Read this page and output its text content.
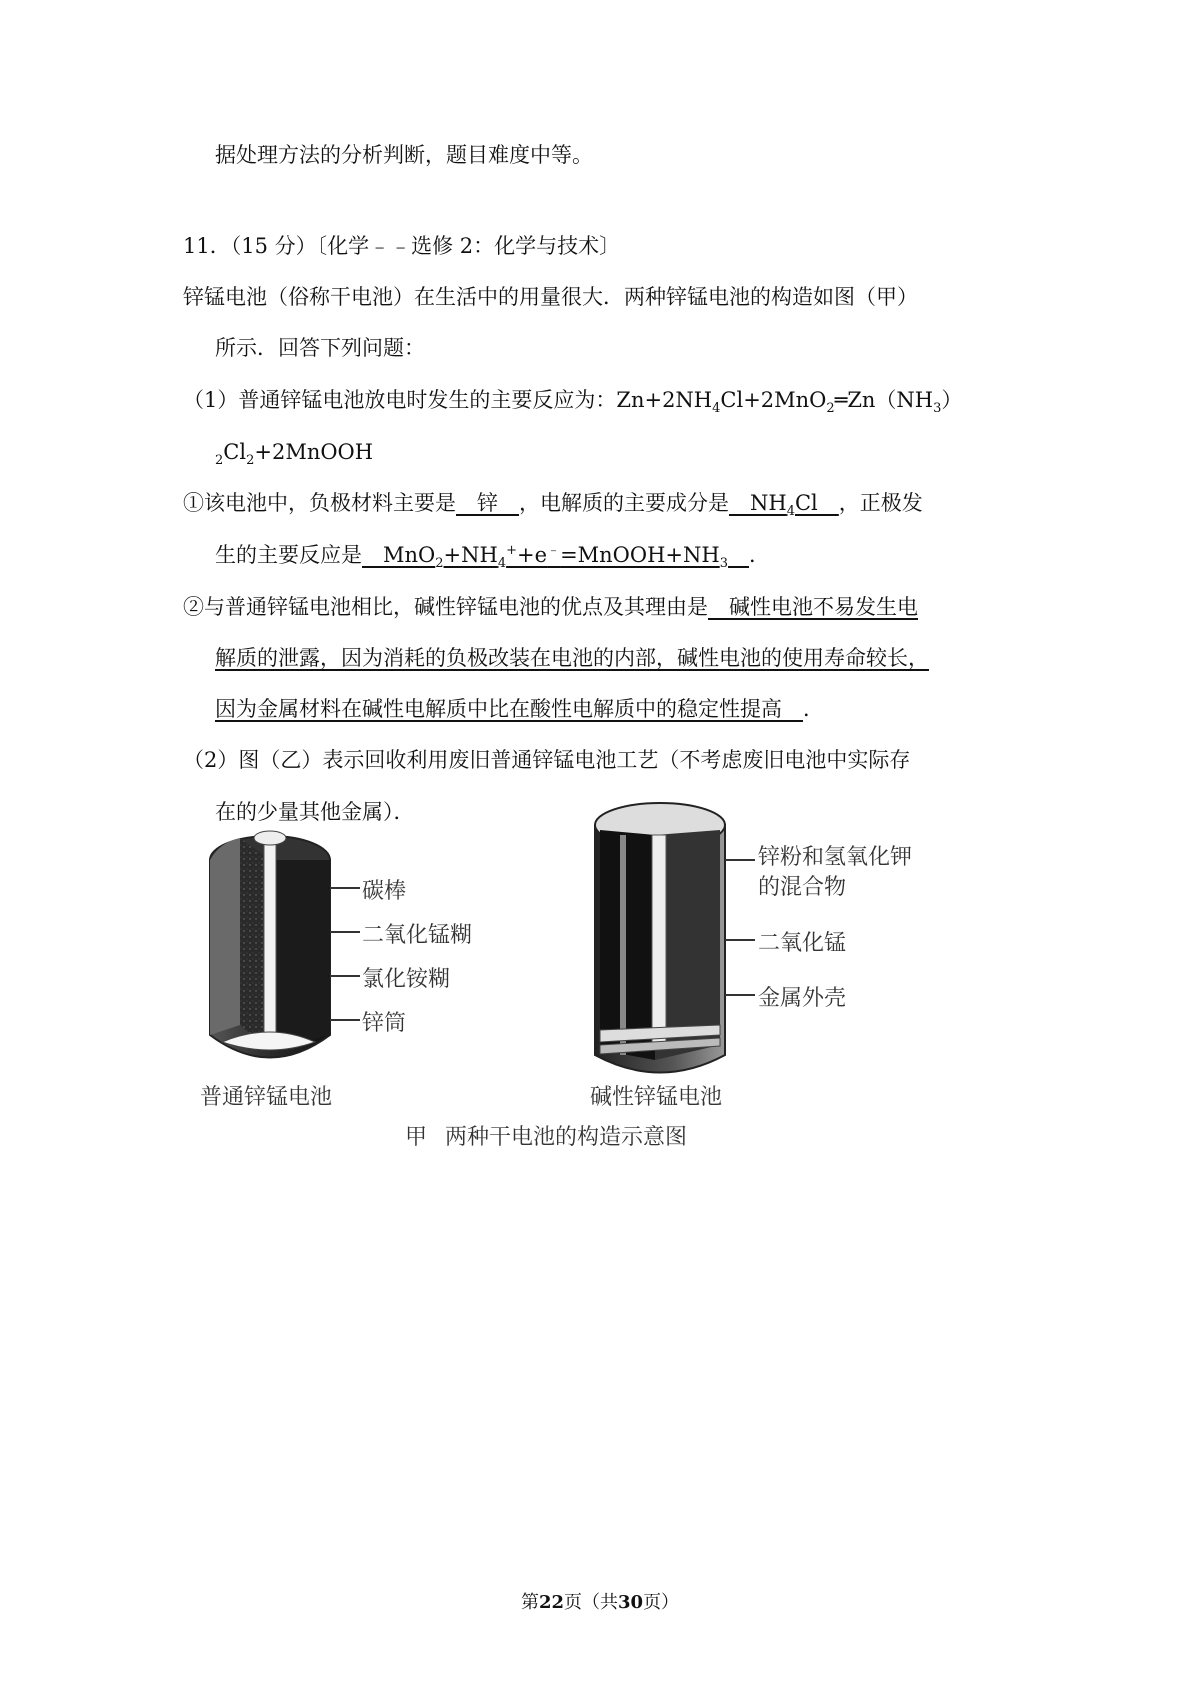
据处理方法的分析判断，题目难度中等。
11．（15 分）〔化学﹣﹣选修 2：化学与技术〕
锌锰电池（俗称干电池）在生活中的用量很大．两种锌锰电池的构造如图（甲）
所示．回答下列问题：
（1）普通锌锰电池放电时发生的主要反应为：$Zn+2NH_4Cl+2MnO_2═Zn(NH_3)$
$_2Cl_2+2MnOOH$
①该电池中，负极材料主要是__锌__，电解质的主要成分是$\_\_NH_4Cl\_\_$，正极发
生的主要反应是$\_\_MnO_2+NH_4^++e^﹣=MnOOH+NH_3\_\_$．
②与普通锌锰电池相比，碱性锌锰电池的优点及其理由是__碱性电池不易发生电
解质的泄露，因为消耗的负极改装在电池的内部，碱性电池的使用寿命较长，
因为金属材料在碱性电解质中比在酸性电解质中的稳定性提高__．
（2）图（乙）表示回收利用废旧普通锌锰电池工艺（不考虑废旧电池中实际存
在的少量其他金属）．
碳棒
二氧化锰糊
氯化铵糊
锌筒
普通锌锰电池
锌粉和氢氧化钾
的混合物
二氧化锰
金属外壳
碱性锌锰电池
甲 两种干电池的构造示意图
第22页（共30页）
